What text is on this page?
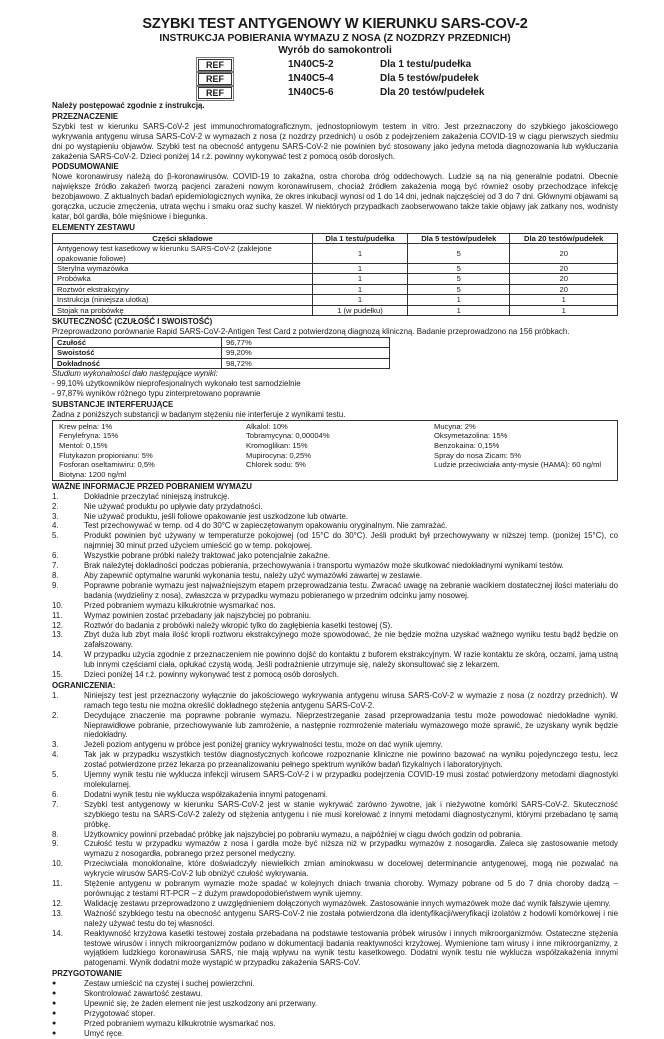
SZYBKI TEST ANTYGENOWY W KIERUNKU SARS-COV-2
INSTRUKCJA POBIERANIA WYMAZU Z NOSA (Z NOZDRZY PRZEDNICH)
Wyrób do samokontroli
REF	1N40C5-2	Dla 1 testu/pudełka
REF	1N40C5-4	Dla 5 testów/pudełek
REF	1N40C5-6	Dla 20 testów/pudełek
Należy postępować zgodnie z instrukcją.
PRZEZNACZENIE

Szybki test w kierunku SARS-CoV-2 jest immunochromatograficznym, jednostopniowym testem in vitro. Jest przeznaczony do szybkiego jakościowego wykrywania antygenu wirusa SARS-CoV-2 w wymazach z nosa (z nozdrzy przednich) u osób z podejrzeniem zakażenia COVID-19 w ciągu pierwszych siedmiu dni po wystąpieniu objawów. Szybki test na obecność antygenu SARS-CoV-2 nie powinien być stosowany jako jedyna metoda diagnozowania lub wykluczania zakażenia SARS-CoV-2. Dzieci poniżej 14 r.ż. powinny wykonywać test z pomocą osób dorosłych.

PODSUMOWANIE

Nowe koronawirusy należą do β-koronawirusów. COVID-19 to zakaźna, ostra choroba dróg oddechowych. Ludzie są na nią generalnie podatni. Obecnie największe źródło zakażeń tworzą pacjenci zarażeni nowym koronawirusem, chociaż źródłem zakażenia mogą być również osoby przechodzące infekcję bezobjawowo. Z aktualnych badań epidemiologicznych wynika, że okres inkubacji wynosi od 1 do 14 dni, jednak najczęściej od 3 do 7 dni. Głównymi objawami są gorączka, uczucie zmęczenia, utrata węchu i smaku oraz suchy kaszel. W niektórych przypadkach zaobserwowano także takie objawy jak zatkany nos, wodnisty katar, ból gardła, bóle mięśniowe i biegunka.

ELEMENTY ZESTAWU
Części składowe	Dla 1 testu/pudełka	Dla 5 testów/pudełek	Dla 20 testów/pudełek
Antygenowy test kasetkowy w kierunku SARS-CoV-2 (zaklejone opakowanie foliowe)	1	5	20
Sterylna wymazówka	1	5	20
Probówka	1	5	20
Roztwór ekstrakcyjny	1	5	20
Instrukcja (niniejsza ulotka)	1	1	1
Stojak na probówkę	1 (w pudełku)	1	1
SKUTECZNOŚĆ (CZUŁOŚĆ I SWOISTOŚĆ)

Przeprowadzono porównanie Rapid SARS-CoV-2-Antigen Test Card z potwierdzoną diagnozą kliniczną. Badanie przeprowadzono na 156 próbkach.

Czułość	96,77%
Swoistość	99,20%
Dokładność	98,72%
Studium wykonalności dało następujące wyniki:
- 99,10% użytkowników nieprofesjonalnych wykonało test samodzielnie
- 97,87% wyników różnego typu zinterpretowano poprawnie
SUBSTANCJE INTERFERUJĄCE

Żadna z poniższych substancji w badanym stężeniu nie interferuje z wynikami testu.

Krew pełna: 1%	Alkalol: 10%	Mucyna: 2%
Fenylefryna: 15%	Tobramycyna: 0,00004%	Oksymetazolina: 15%
Mentol: 0,15%	Kromoglikan: 15%	Benzokaina: 0,15%
Flutykazon propionianu: 5%	Mupirocyna: 0,25%	Spray do nosa Zicam: 5%
Fosforan oseltamiwiru: 0,5%	Chlorek sodu: 5%	Ludzie przeciwciała anty-mysie (HAMA): 60 ng/ml
Biotyna: 1200 ng/ml
WAŻNE INFORMACJE PRZED POBRANIEM WYMAZU
1.	Dokładnie przeczytać niniejszą instrukcję.
2.	Nie używać produktu po upływie daty przydatności.
3.	Nie używać produktu, jeśli foliowe opakowanie jest uszkodzone lub otwarte.
4.	Test przechowywać w temp. od 4 do 30°C w zapieczętowanym opakowaniu oryginalnym. Nie zamrażać.
5.	Produkt powinien być używany w temperaturze pokojowej (od 15°C do 30°C). Jeśli produkt był przechowywany w niższej temp. (poniżej 15°C), co najmniej 30 minut przed użyciem umieścić go w temp. pokojowej.
6.	Wszystkie pobrane próbki należy traktować jako potencjalnie zakaźne.
7.	Brak należytej dokładności podczas pobierania, przechowywania i transportu wymazów może skutkować niedokładnymi wynikami testów.
8.	Aby zapewnić optymalne warunki wykonania testu, należy użyć wymazówki zawartej w zestawie.
9.	Poprawne pobranie wymazu jest najważniejszym etapem przeprowadzania testu. Zwracać uwagę na zebranie wacikiem dostatecznej ilości materiału do badania (wydzieliny z nosa), zwłaszcza w przypadku wymazu pobieranego w przednim odcinku jamy nosowej.
10.	Przed pobraniem wymazu kilkukrotnie wysmarkać nos.
11.	Wymaz powinien zostać przebadany jak najszybciej po pobraniu.
12.	Roztwór do badania z probówki należy wkropić tylko do zagłębienia kasetki testowej (S).
13.	Zbyt duża lub zbyt mała ilość kropli roztworu ekstrakcyjnego może spowodować, że nie będzie można uzyskać ważnego wyniku testu bądź będzie on zafałszowany.
14.	W przypadku użycia zgodnie z przeznaczeniem nie powinno dojść do kontaktu z buforem ekstrakcyjnym. W razie kontaktu ze skórą, oczami, jamą ustną lub innymi częściami ciała, opłukać czystą wodą. Jeśli podrażnienie utrzymuje się, należy skonsultować się z lekarzem.
15.	Dzieci poniżej 14 r.ż. powinny wykonywać test z pomocą osób dorosłych.
OGRANICZENIA:
1.	Niniejszy test jest przeznaczony wyłącznie do jakościowego wykrywania antygenu wirusa SARS-CoV-2 w wymazie z nosa (z nozdrzy przednich). W ramach tego testu nie można określić dokładnego stężenia antygenu SARS-CoV-2.
2.	Decydujące znaczenie ma poprawne pobranie wymazu. Nieprzestrzeganie zasad przeprowadzania testu może powodować niedokładne wyniki. Nieprawidłowe pobranie, przechowywanie lub zamrożenie, a następnie rozmrożenie materiału wymazowego może sprawić, że uzyskany wynik będzie niedokładny.
3.	Jeżeli poziom antygenu w próbce jest poniżej granicy wykrywalności testu, może on dać wynik ujemny.
4.	Tak jak w przypadku wszystkich testów diagnostycznych końcowe rozpoznanie kliniczne nie powinno bazować na wyniku pojedynczego testu, lecz zostać potwierdzone przez lekarza po przeanalizowaniu pełnego spektrum wyników badań fizykalnych i laboratoryjnych.
5.	Ujemny wynik testu nie wyklucza infekcji wirusem SARS-CoV-2 i w przypadku podejrzenia COVID-19 musi zostać potwierdzony metodami diagnostyki molekularnej.
6.	Dodatni wynik testu nie wyklucza współzakażenia innymi patogenami.
7.	Szybki test antygenowy w kierunku SARS-CoV-2 jest w stanie wykrywać zarówno żywotne, jak i nieżywotne komórki SARS-CoV-2. Skuteczność szybkiego testu na SARS-CoV-2 zależy od stężenia antygenu i nie musi korelować z innymi metodami diagnostycznymi, którymi przebadano tę samą próbkę.
8.	Użytkownicy powinni przebadać próbkę jak najszybciej po pobraniu wymazu, a najpóźniej w ciągu dwóch godzin od pobrania.
9.	Czułość testu w przypadku wymazów z nosa i gardła może być niższa niż w przypadku wymazów z nosogardła. Zaleca się zastosowanie metody wymazu z nosogardła, pobranego przez personel medyczny.
10.	Przeciwciała monoklonalne, które doświadczyły niewielkich zmian aminokwasu w docelowej determinancie antygenowej, mogą nie pozwalać na wykrycie wirusów SARS-CoV-2 lub obniżyć czułość wykrywania.
11.	Stężenie antygenu w pobranym wymazie może spadać w kolejnych dniach trwania choroby. Wymazy pobrane od 5 do 7 dnia choroby dadzą – porównując z testami RT-PCR – z dużym prawdopodobieństwem wynik ujemny.
12.	Walidację zestawu przeprowadzono z uwzględnieniem dołączonych wymazówek. Zastosowanie innych wymazówek może dać wynik fałszywie ujemny.
13.	Ważność szybkiego testu na obecność antygenu SARS-CoV-2 nie została potwierdzona dla identyfikacji/weryfikacji izolatów z hodowli komórkowej i nie należy używać testu do tej własności.
14.	Reaktywność krzyżowa kasetki testowej została przebadana na podstawie testowania próbek wirusów i innych mikroorganizmów. Ostateczne stężenia testowe wirusów i innych mikroorganizmów podano w dokumentacji badania reaktywności krzyżowej. Wymienione tam wirusy i inne mikroorganizmy, z wyjątkiem ludzkiego koronawirusa SARS, nie mają wpływu na wynik testu kasetkowego. Dodatni wynik testu nie wyklucza współzakażenia innymi patogenami. Wynik dodatni może wystąpić w przypadku zakażenia SARS-CoV.
PRZYGOTOWANIE
●	Zestaw umieścić na czystej i suchej powierzchni.
●	Skontrolować zawartość zestawu.
●	Upewnić się, że żaden element nie jest uszkodzony ani przerwany.
●	Przygotować stoper.
●	Przed pobraniem wymazu kilkukrotnie wysmarkać nos.
●	Umyć ręce.
